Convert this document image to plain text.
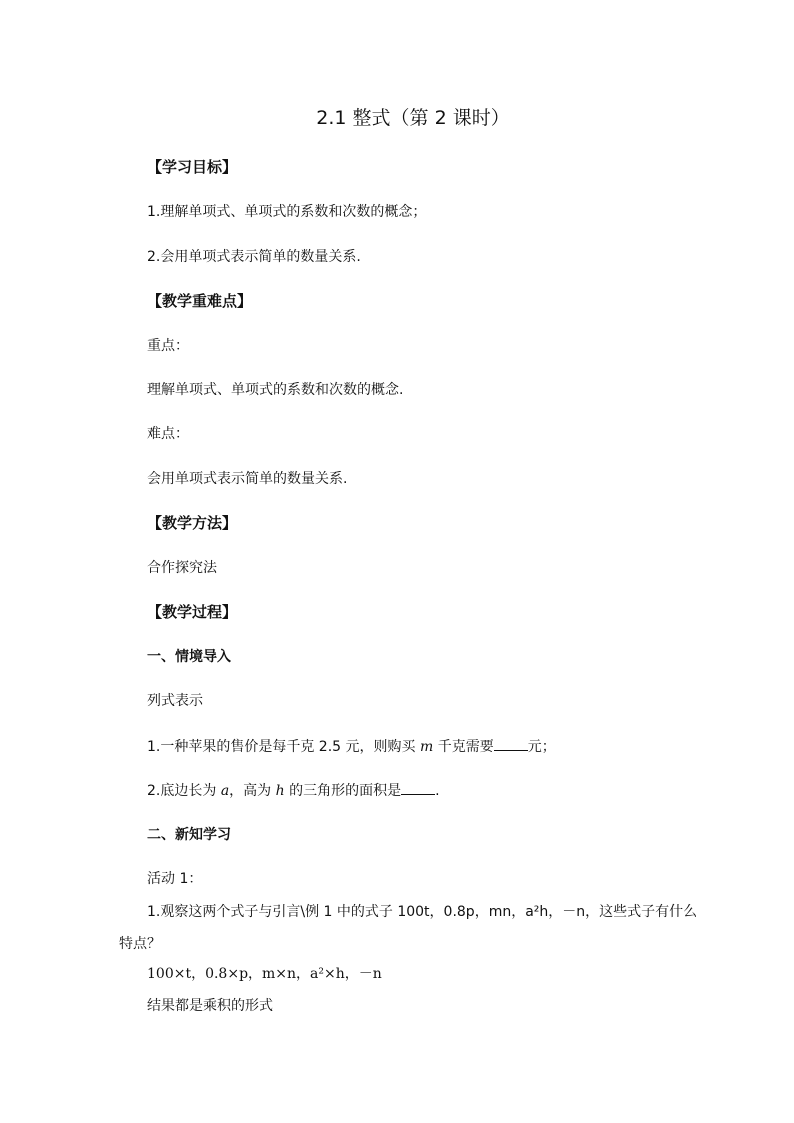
2.1 整式（第 2 课时）
【学习目标】
1.理解单项式、单项式的系数和次数的概念；
2.会用单项式表示简单的数量关系.
【教学重难点】
重点：
理解单项式、单项式的系数和次数的概念.
难点：
会用单项式表示简单的数量关系.
【教学方法】
合作探究法
【教学过程】
一、情境导入
列式表示
1.一种苹果的售价是每千克 2.5 元，则购买 m 千克需要 元；
2.底边长为 a，高为 h 的三角形的面积是 .
二、新知学习
活动 1：
1.观察这两个式子与引言\例 1 中的式子 100t，0.8p，mn，a²h，－n，这些式子有什么
特点？
100×t，0.8×p，m×n，a²×h，－n
结果都是乘积的形式
